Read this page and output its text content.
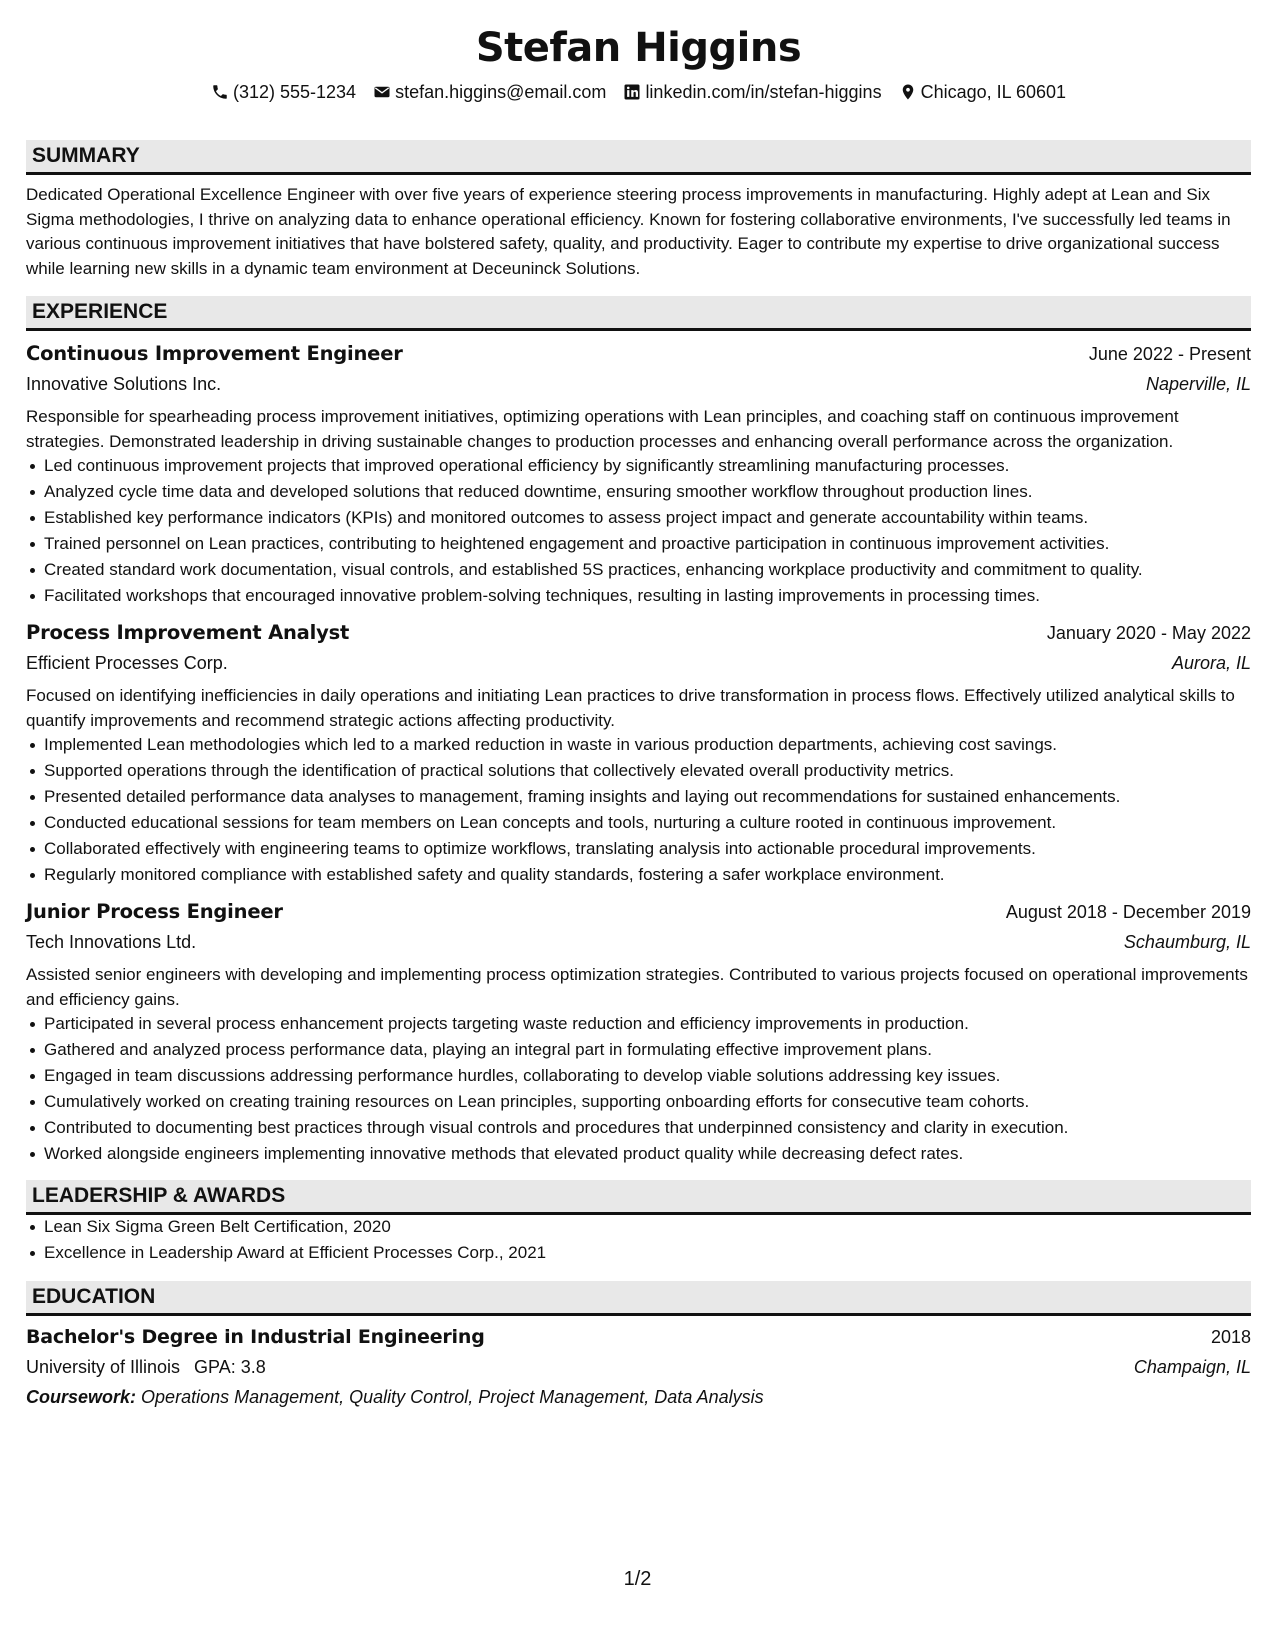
Stefan Higgins
(312) 555-1234 stefan.higgins@email.com linkedin.com/in/stefan-higgins Chicago, IL 60601
SUMMARY

Dedicated Operational Excellence Engineer with over five years of experience steering process improvements in manufacturing. Highly adept at Lean and Six Sigma methodologies, I thrive on analyzing data to enhance operational efficiency. Known for fostering collaborative environments, I've successfully led teams in various continuous improvement initiatives that have bolstered safety, quality, and productivity. Eager to contribute my expertise to drive organizational success while learning new skills in a dynamic team environment at Deceuninck Solutions.

EXPERIENCE
Continuous Improvement Engineer	June 2022 - Present
Innovative Solutions Inc.	Naperville, IL

Responsible for spearheading process improvement initiatives, optimizing operations with Lean principles, and coaching staff on continuous improvement strategies. Demonstrated leadership in driving sustainable changes to production processes and enhancing overall performance across the organization.

Led continuous improvement projects that improved operational efficiency by significantly streamlining manufacturing processes.
Analyzed cycle time data and developed solutions that reduced downtime, ensuring smoother workflow throughout production lines.
Established key performance indicators (KPIs) and monitored outcomes to assess project impact and generate accountability within teams.
Trained personnel on Lean practices, contributing to heightened engagement and proactive participation in continuous improvement activities.
Created standard work documentation, visual controls, and established 5S practices, enhancing workplace productivity and commitment to quality.
Facilitated workshops that encouraged innovative problem-solving techniques, resulting in lasting improvements in processing times.
Process Improvement Analyst	January 2020 - May 2022
Efficient Processes Corp.	Aurora, IL

Focused on identifying inefficiencies in daily operations and initiating Lean practices to drive transformation in process flows. Effectively utilized analytical skills to quantify improvements and recommend strategic actions affecting productivity.

Implemented Lean methodologies which led to a marked reduction in waste in various production departments, achieving cost savings.
Supported operations through the identification of practical solutions that collectively elevated overall productivity metrics.
Presented detailed performance data analyses to management, framing insights and laying out recommendations for sustained enhancements.
Conducted educational sessions for team members on Lean concepts and tools, nurturing a culture rooted in continuous improvement.
Collaborated effectively with engineering teams to optimize workflows, translating analysis into actionable procedural improvements.
Regularly monitored compliance with established safety and quality standards, fostering a safer workplace environment.
Junior Process Engineer	August 2018 - December 2019
Tech Innovations Ltd.	Schaumburg, IL

Assisted senior engineers with developing and implementing process optimization strategies. Contributed to various projects focused on operational improvements and efficiency gains.

Participated in several process enhancement projects targeting waste reduction and efficiency improvements in production.
Gathered and analyzed process performance data, playing an integral part in formulating effective improvement plans.
Engaged in team discussions addressing performance hurdles, collaborating to develop viable solutions addressing key issues.
Cumulatively worked on creating training resources on Lean principles, supporting onboarding efforts for consecutive team cohorts.
Contributed to documenting best practices through visual controls and procedures that underpinned consistency and clarity in execution.
Worked alongside engineers implementing innovative methods that elevated product quality while decreasing defect rates.
LEADERSHIP & AWARDS
Lean Six Sigma Green Belt Certification, 2020
Excellence in Leadership Award at Efficient Processes Corp., 2021
EDUCATION
Bachelor's Degree in Industrial Engineering	2018
University of Illinois GPA: 3.8	Champaign, IL
Coursework: Operations Management, Quality Control, Project Management, Data Analysis
1/2
